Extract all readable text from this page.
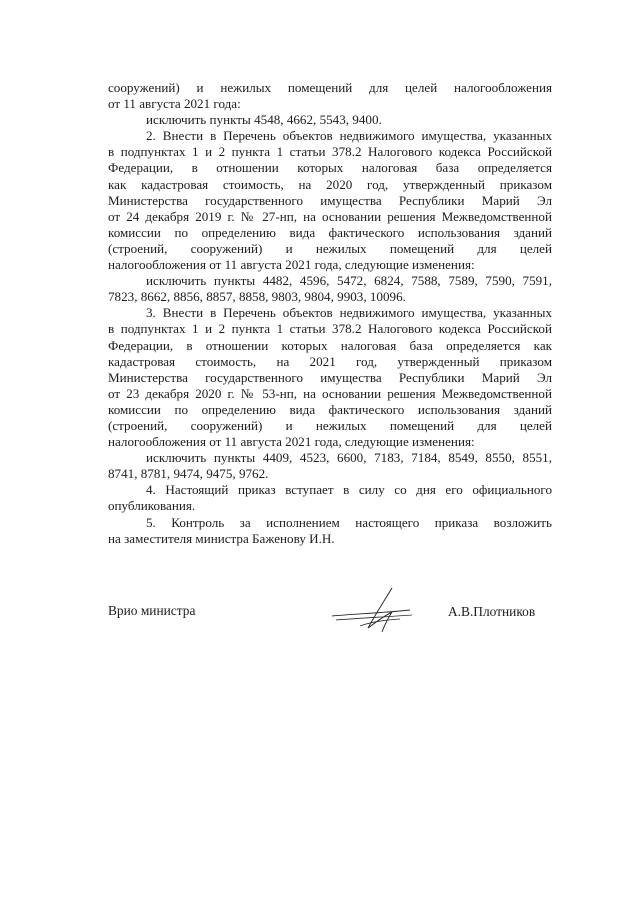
сооружений) и нежилых помещений для целей налогообложения
от 11 августа 2021 года:
исключить пункты 4548, 4662, 5543, 9400.
2. Внести в Перечень объектов недвижимого имущества, указанных
в подпунктах 1 и 2 пункта 1 статьи 378.2 Налогового кодекса Российской
Федерации, в отношении которых налоговая база определяется
как кадастровая стоимость, на 2020 год, утвержденный приказом
Министерства государственного имущества Республики Марий Эл
от 24 декабря 2019 г. № 27-нп, на основании решения Межведомственной
комиссии по определению вида фактического использования зданий
(строений, сооружений) и нежилых помещений для целей
налогообложения от 11 августа 2021 года, следующие изменения:
исключить пункты 4482, 4596, 5472, 6824, 7588, 7589, 7590, 7591,
7823, 8662, 8856, 8857, 8858, 9803, 9804, 9903, 10096.
3. Внести в Перечень объектов недвижимого имущества, указанных
в подпунктах 1 и 2 пункта 1 статьи 378.2 Налогового кодекса Российской
Федерации, в отношении которых налоговая база определяется как
кадастровая стоимость, на 2021 год, утвержденный приказом
Министерства государственного имущества Республики Марий Эл
от 23 декабря 2020 г. № 53-нп, на основании решения Межведомственной
комиссии по определению вида фактического использования зданий
(строений, сооружений) и нежилых помещений для целей
налогообложения от 11 августа 2021 года, следующие изменения:
исключить пункты 4409, 4523, 6600, 7183, 7184, 8549, 8550, 8551,
8741, 8781, 9474, 9475, 9762.
4. Настоящий приказ вступает в силу со дня его официального
опубликования.
5. Контроль за исполнением настоящего приказа возложить
на заместителя министра Баженову И.Н.
Врио министра	А.В.Плотников
